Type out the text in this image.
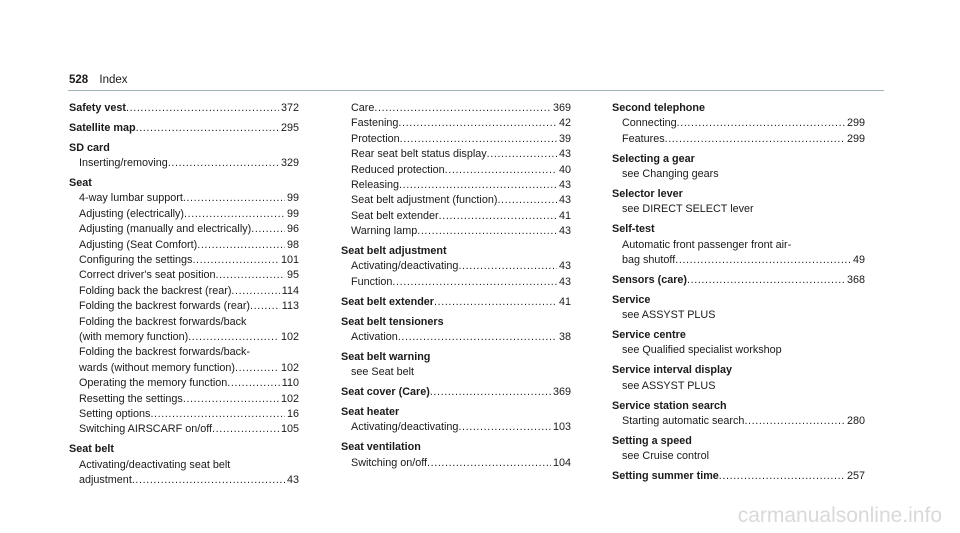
528 Index
Safety vest .....	372
Satellite map .....	295
SD card
Inserting/removing .....	329
Seat
4-way lumbar support .....	99
Adjusting (electrically) .....	99
Adjusting (manually and electrically) .....	96
Adjusting (Seat Comfort) .....	98
Configuring the settings .....	101
Correct driver's seat position .....	95
Folding back the backrest (rear) .....	114
Folding the backrest forwards (rear) .....	113
Folding the backrest forwards/back
(with memory function) .....	102
Folding the backrest forwards/back-
wards (without memory function) .....	102
Operating the memory function .....	110
Resetting the settings .....	102
Setting options .....	16
Switching AIRSCARF on/off .....	105
Seat belt
Activating/deactivating seat belt
adjustment .....	43
Care .....	369
Fastening .....	42
Protection .....	39
Rear seat belt status display .....	43
Reduced protection .....	40
Releasing .....	43
Seat belt adjustment (function) .....	43
Seat belt extender .....	41
Warning lamp .....	43
Seat belt adjustment
Activating/deactivating .....	43
Function .....	43
Seat belt extender .....	41
Seat belt tensioners
Activation .....	38
Seat belt warning
see Seat belt
Seat cover (Care) .....	369
Seat heater
Activating/deactivating .....	103
Seat ventilation
Switching on/off .....	104
Second telephone
Connecting .....	299
Features .....	299
Selecting a gear
see Changing gears
Selector lever
see DIRECT SELECT lever
Self-test
Automatic front passenger front air-
bag shutoff .....	49
Sensors (care) .....	368
Service
see ASSYST PLUS
Service centre
see Qualified specialist workshop
Service interval display
see ASSYST PLUS
Service station search
Starting automatic search .....	280
Setting a speed
see Cruise control
Setting summer time .....	257
carmanualsonline.info
